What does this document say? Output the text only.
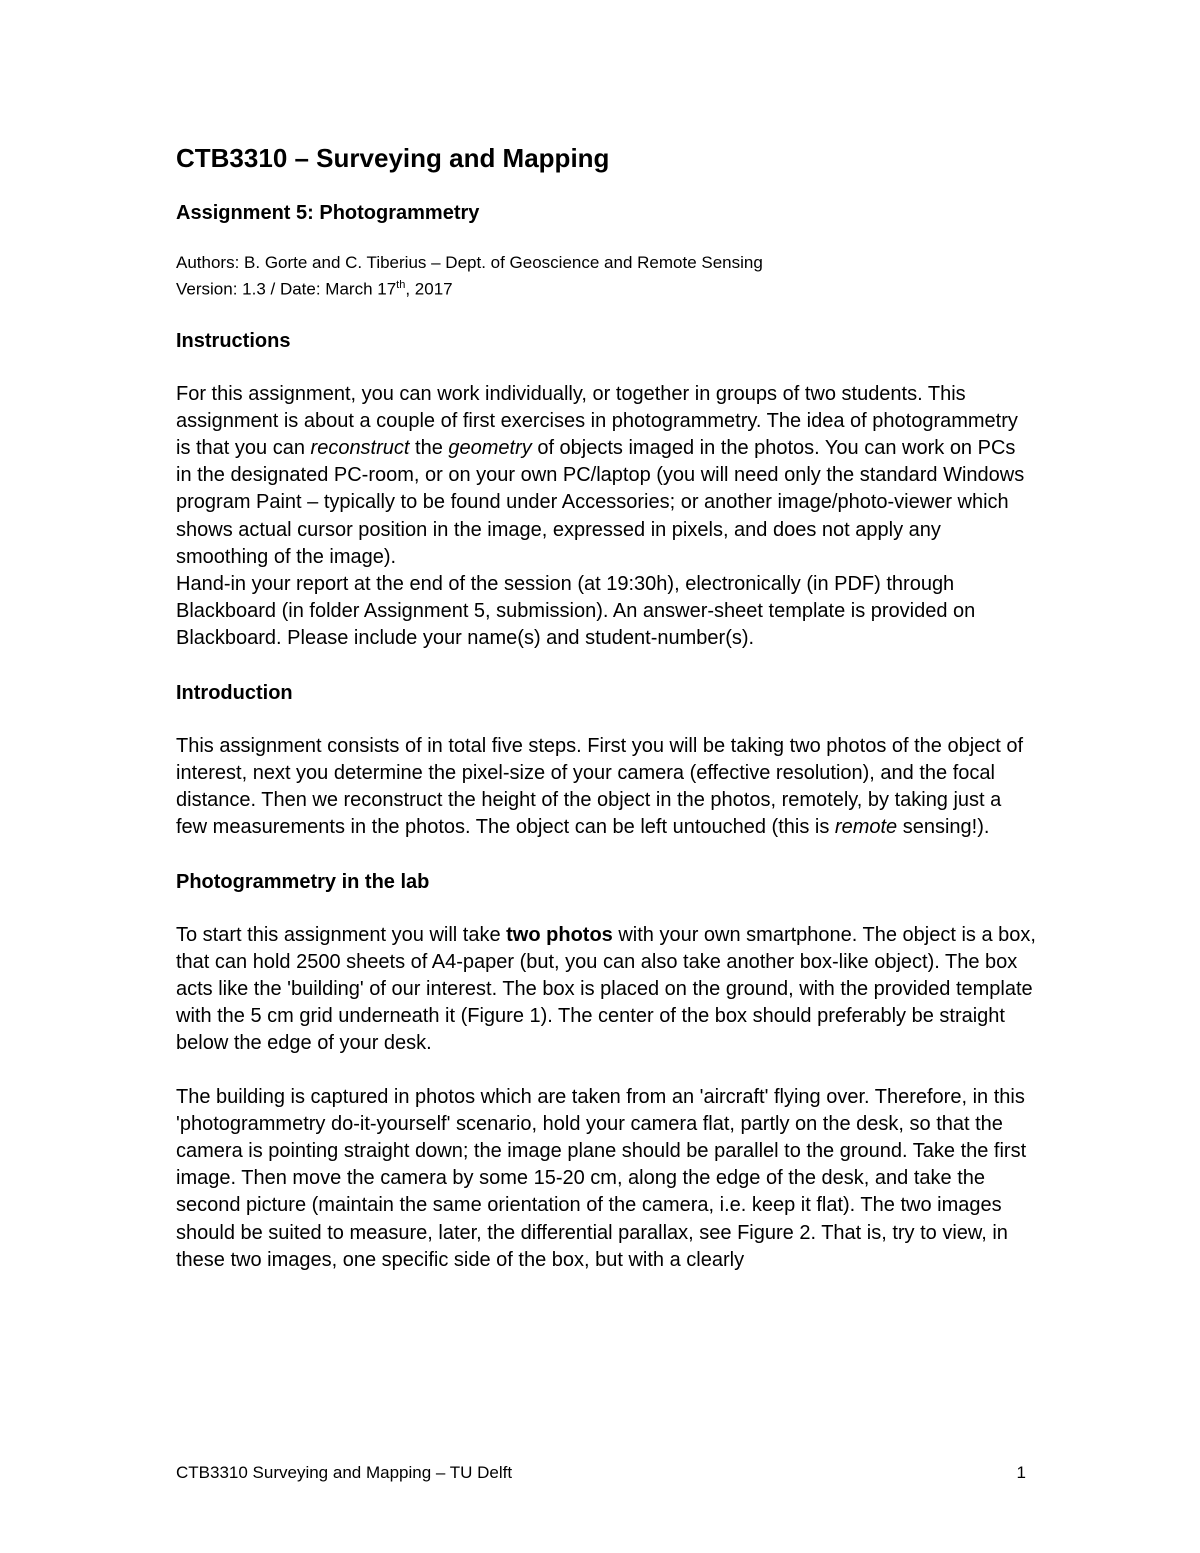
CTB3310 – Surveying and Mapping
Assignment 5: Photogrammetry
Authors: B. Gorte and C. Tiberius – Dept. of Geoscience and Remote Sensing
Version: 1.3 / Date: March 17th, 2017
Instructions

For this assignment, you can work individually, or together in groups of two students. This assignment is about a couple of first exercises in photogrammetry. The idea of photogrammetry is that you can reconstruct the geometry of objects imaged in the photos. You can work on PCs in the designated PC-room, or on your own PC/laptop (you will need only the standard Windows program Paint – typically to be found under Accessories; or another image/photo-viewer which shows actual cursor position in the image, expressed in pixels, and does not apply any smoothing of the image).
Hand-in your report at the end of the session (at 19:30h), electronically (in PDF) through Blackboard (in folder Assignment 5, submission). An answer-sheet template is provided on Blackboard. Please include your name(s) and student-number(s).

Introduction

This assignment consists of in total five steps. First you will be taking two photos of the object of interest, next you determine the pixel-size of your camera (effective resolution), and the focal distance. Then we reconstruct the height of the object in the photos, remotely, by taking just a few measurements in the photos. The object can be left untouched (this is remote sensing!).

Photogrammetry in the lab

To start this assignment you will take two photos with your own smartphone. The object is a box, that can hold 2500 sheets of A4-paper (but, you can also take another box-like object). The box acts like the 'building' of our interest. The box is placed on the ground, with the provided template with the 5 cm grid underneath it (Figure 1). The center of the box should preferably be straight below the edge of your desk.

The building is captured in photos which are taken from an 'aircraft' flying over. Therefore, in this 'photogrammetry do-it-yourself' scenario, hold your camera flat, partly on the desk, so that the camera is pointing straight down; the image plane should be parallel to the ground. Take the first image. Then move the camera by some 15-20 cm, along the edge of the desk, and take the second picture (maintain the same orientation of the camera, i.e. keep it flat). The two images should be suited to measure, later, the differential parallax, see Figure 2. That is, try to view, in these two images, one specific side of the box, but with a clearly

CTB3310 Surveying and Mapping – TU Delft	1
